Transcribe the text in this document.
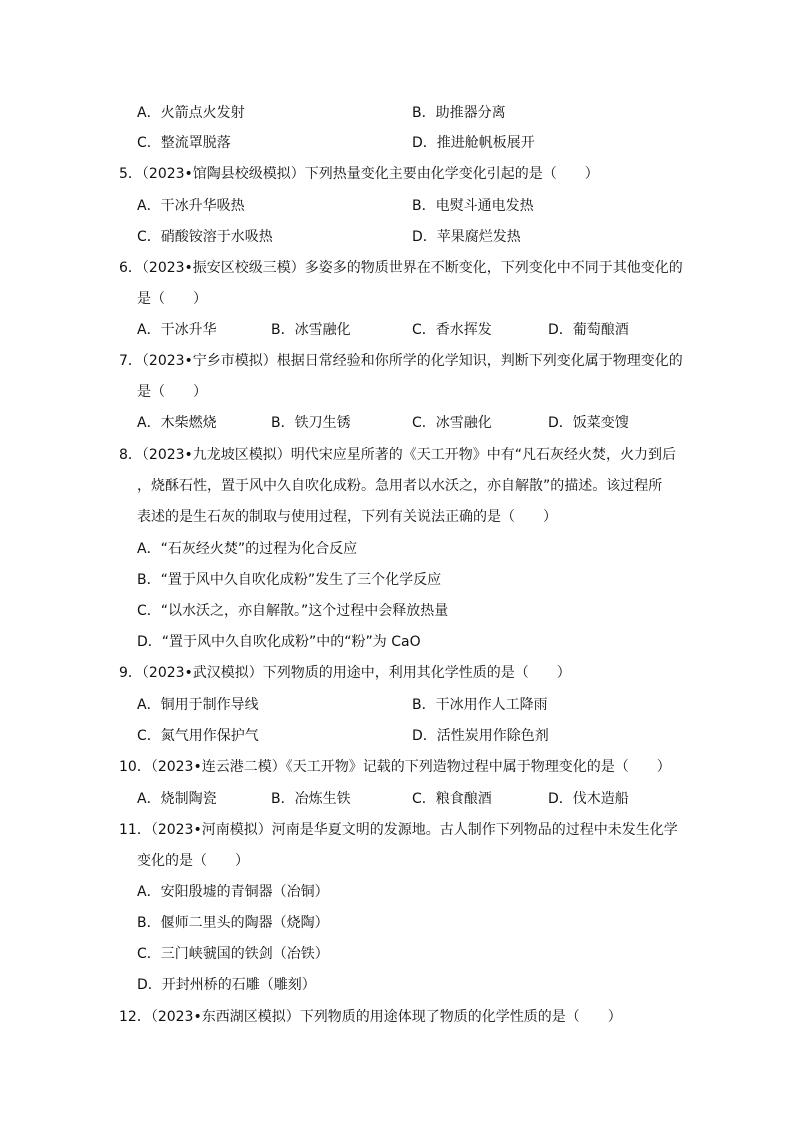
A．火箭点火发射	B．助推器分离
C．整流罩脱落	D．推进舱帆板展开
5．（2023•馆陶县校级模拟）下列热量变化主要由化学变化引起的是（　　）
A．干冰升华吸热	B．电熨斗通电发热
C．硝酸铵溶于水吸热	D．苹果腐烂发热
6．（2023•振安区校级三模）多姿多的物质世界在不断变化，下列变化中不同于其他变化的
是（　　）
A．干冰升华	B．冰雪融化	C．香水挥发	D．葡萄酿酒
7．（2023•宁乡市模拟）根据日常经验和你所学的化学知识，判断下列变化属于物理变化的
是（　　）
A．木柴燃烧	B．铁刀生锈	C．冰雪融化	D．饭菜变馊
8．（2023•九龙坡区模拟）明代宋应星所著的《天工开物》中有“凡石灰经火焚，火力到后
，烧酥石性，置于风中久自吹化成粉。急用者以水沃之，亦自解散”的描述。该过程所
表述的是生石灰的制取与使用过程，下列有关说法正确的是（　　）
A．“石灰经火焚”的过程为化合反应
B．“置于风中久自吹化成粉”发生了三个化学反应
C．“以水沃之，亦自解散。”这个过程中会释放热量
D．“置于风中久自吹化成粉”中的“粉”为 CaO
9．（2023•武汉模拟）下列物质的用途中，利用其化学性质的是（　　）
A．铜用于制作导线	B．干冰用作人工降雨
C．氮气用作保护气	D．活性炭用作除色剂
10．（2023•连云港二模）《天工开物》记载的下列造物过程中属于物理变化的是（　　）
A．烧制陶瓷	B．冶炼生铁	C．粮食酿酒	D．伐木造船
11．（2023•河南模拟）河南是华夏文明的发源地。古人制作下列物品的过程中未发生化学
变化的是（　　）
A．安阳殷墟的青铜器（冶铜）
B．偃师二里头的陶器（烧陶）
C．三门峡虢国的铁剑（冶铁）
D．开封州桥的石雕（雕刻）
12．（2023•东西湖区模拟）下列物质的用途体现了物质的化学性质的是（　　）
